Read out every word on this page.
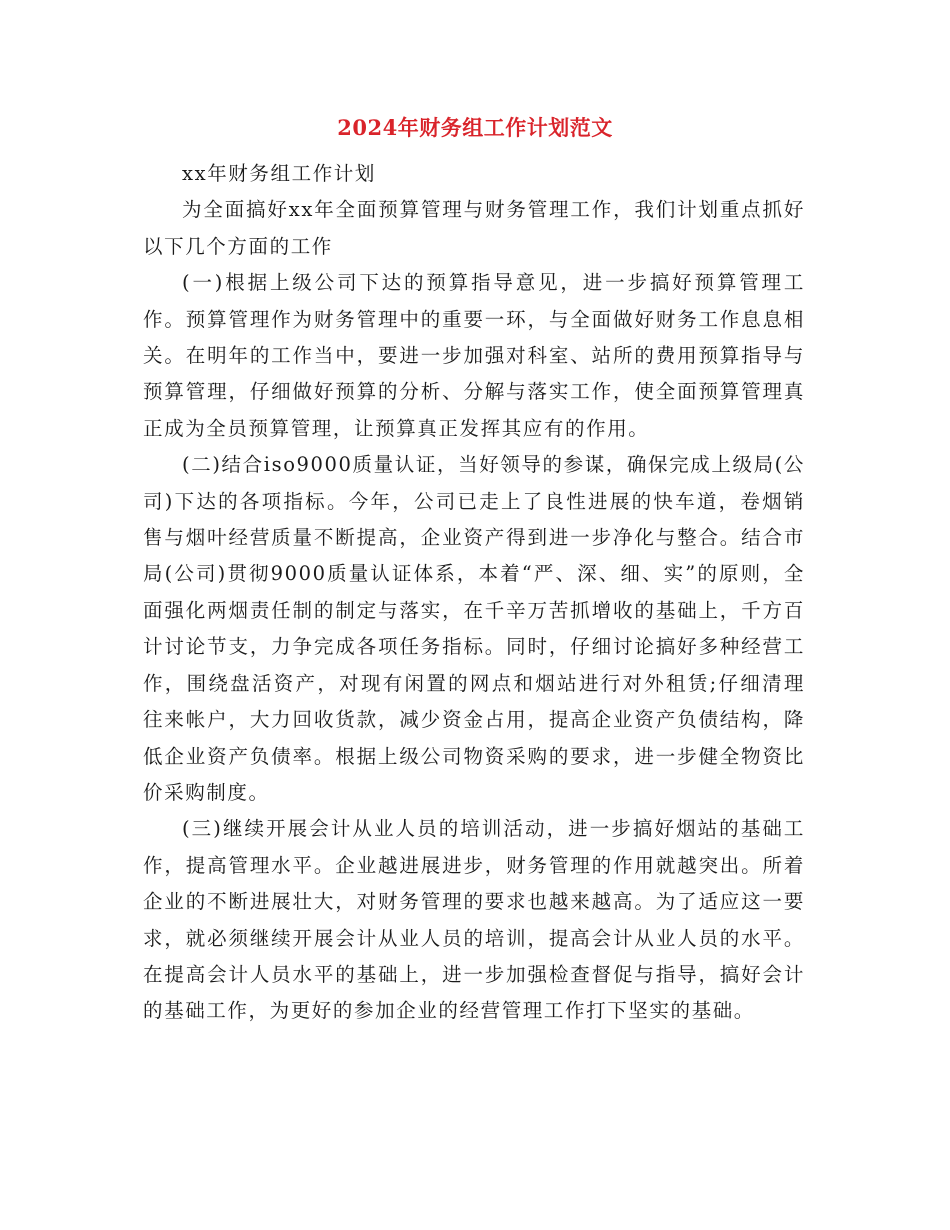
2024年财务组工作计划范文

xx年财务组工作计划

为全面搞好xx年全面预算管理与财务管理工作，我们计划重点抓好以下几个方面的工作

(一)根据上级公司下达的预算指导意见，进一步搞好预算管理工作。预算管理作为财务管理中的重要一环，与全面做好财务工作息息相关。在明年的工作当中，要进一步加强对科室、站所的费用预算指导与预算管理，仔细做好预算的分析、分解与落实工作，使全面预算管理真正成为全员预算管理，让预算真正发挥其应有的作用。

(二)结合iso9000质量认证，当好领导的参谋，确保完成上级局(公司)下达的各项指标。今年，公司已走上了良性进展的快车道，卷烟销售与烟叶经营质量不断提高，企业资产得到进一步净化与整合。结合市局(公司)贯彻9000质量认证体系，本着“严、深、细、实”的原则，全面强化两烟责任制的制定与落实，在千辛万苦抓增收的基础上，千方百计讨论节支，力争完成各项任务指标。同时，仔细讨论搞好多种经营工作，围绕盘活资产，对现有闲置的网点和烟站进行对外租赁;仔细清理往来帐户，大力回收货款，减少资金占用，提高企业资产负债结构，降低企业资产负债率。根据上级公司物资采购的要求，进一步健全物资比价采购制度。

(三)继续开展会计从业人员的培训活动，进一步搞好烟站的基础工作，提高管理水平。企业越进展进步，财务管理的作用就越突出。所着企业的不断进展壮大，对财务管理的要求也越来越高。为了适应这一要求，就必须继续开展会计从业人员的培训，提高会计从业人员的水平。在提高会计人员水平的基础上，进一步加强检查督促与指导，搞好会计的基础工作，为更好的参加企业的经营管理工作打下坚实的基础。
